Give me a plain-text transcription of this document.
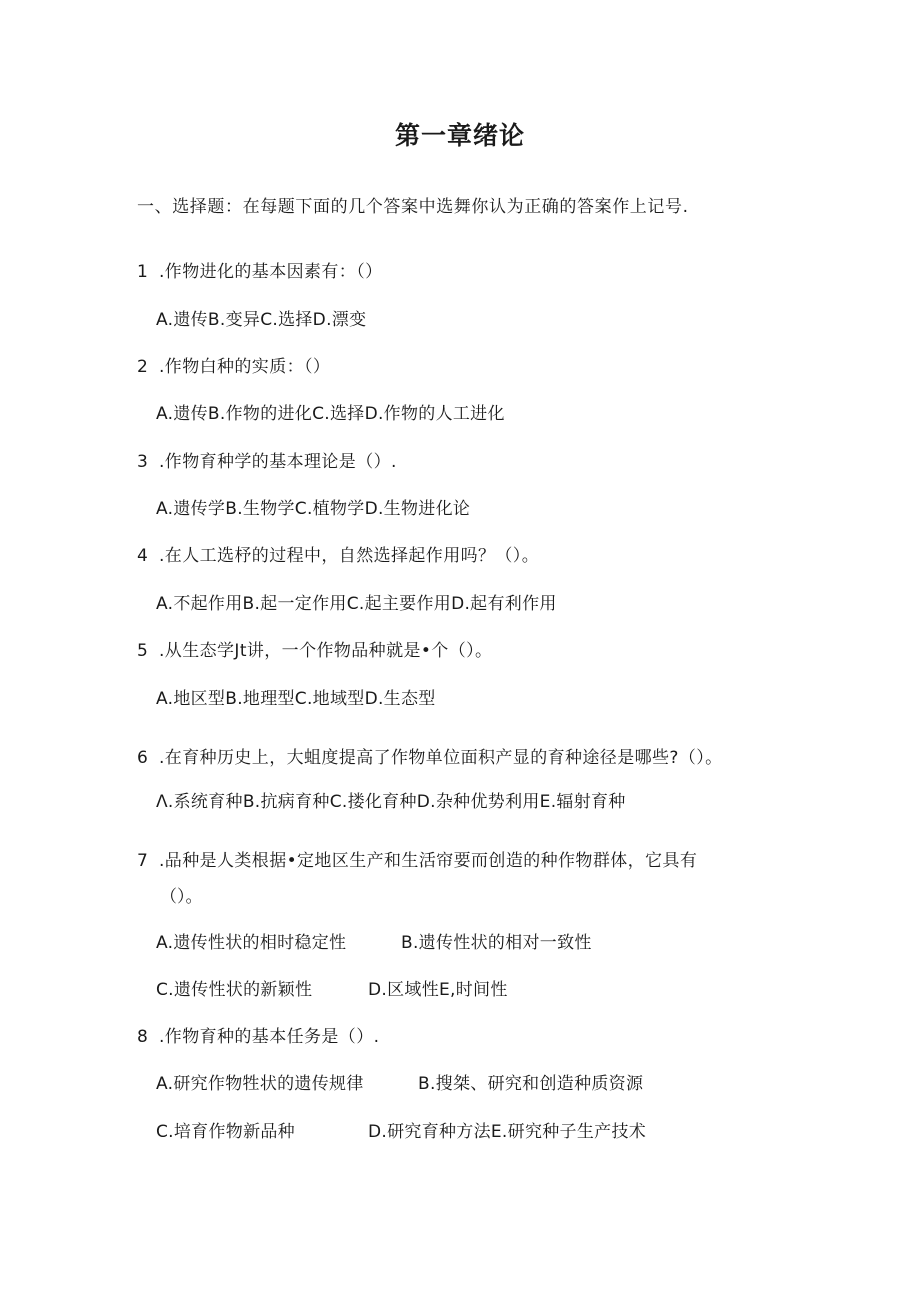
第一章绪论
一、选择题：在每题下面的几个答案中选舞你认为正确的答案作上记号.
1 .作物进化的基本因素有：（）
A.遗传B.变异C.选择D.漂变
2 .作物白种的实质：（）
A.遗传B.作物的进化C.选择D.作物的人工进化
3 .作物育种学的基本理论是（）.
A.遗传学B.生物学C.植物学D.生物进化论
4 .在人工选杼的过程中，自然选择起作用吗？（）。
A.不起作用B.起一定作用C.起主要作用D.起有利作用
5 .从生态学Jt讲，一个作物品种就是•个（）。
A.地区型B.地理型C.地域型D.生态型
6 .在育种历史上，大蛆度提高了作物单位面积产显的育种途径是哪些?（）。
Λ.系统育种B.抗病育种C.搂化育种D.杂种优势利用E.辐射育种
7 .品种是人类根据•定地区生产和生活帘要而创造的种作物群体，它具有
（）。
A.遗传性状的相时稳定性	B.遗传性状的相对一致性
C.遗传性状的新颖性	D.区域性E,时间性
8 .作物育种的基本任务是（）.
A.研究作物牲状的遗传规律	B.搜桀、研究和创造种质资源
C.培育作物新品种	D.研究育种方法E.研究种子生产技术
